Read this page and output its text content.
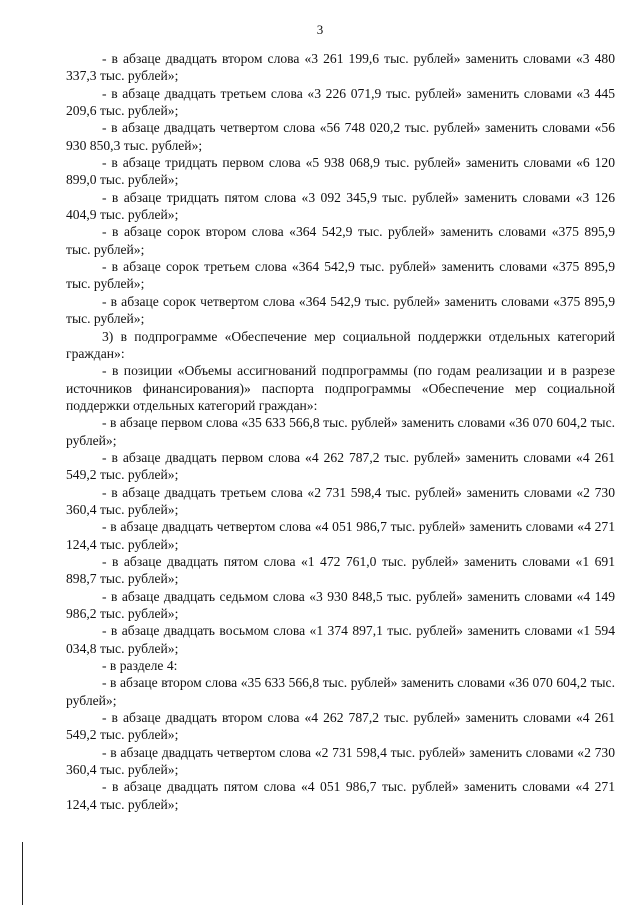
3

- в абзаце двадцать втором слова «3 261 199,6 тыс. рублей» заменить словами «3 480 337,3 тыс. рублей»;

- в абзаце двадцать третьем слова «3 226 071,9 тыс. рублей» заменить словами «3 445 209,6 тыс. рублей»;

- в абзаце двадцать четвертом слова «56 748 020,2 тыс. рублей» заменить словами «56 930 850,3 тыс. рублей»;

- в абзаце тридцать первом слова «5 938 068,9 тыс. рублей» заменить словами «6 120 899,0 тыс. рублей»;

- в абзаце тридцать пятом слова «3 092 345,9 тыс. рублей» заменить словами «3 126 404,9 тыс. рублей»;

- в абзаце сорок втором слова «364 542,9 тыс. рублей» заменить словами «375 895,9 тыс. рублей»;

- в абзаце сорок третьем слова «364 542,9 тыс. рублей» заменить словами «375 895,9 тыс. рублей»;

- в абзаце сорок четвертом слова «364 542,9 тыс. рублей» заменить словами «375 895,9 тыс. рублей»;

3) в подпрограмме «Обеспечение мер социальной поддержки отдельных категорий граждан»:

- в позиции «Объемы ассигнований подпрограммы (по годам реализации и в разрезе источников финансирования)» паспорта подпрограммы «Обеспечение мер социальной поддержки отдельных категорий граждан»:

- в абзаце первом слова «35 633 566,8 тыс. рублей» заменить словами «36 070 604,2 тыс. рублей»;

- в абзаце двадцать первом слова «4 262 787,2 тыс. рублей» заменить словами «4 261 549,2 тыс. рублей»;

- в абзаце двадцать третьем слова «2 731 598,4 тыс. рублей» заменить словами «2 730 360,4 тыс. рублей»;

- в абзаце двадцать четвертом слова «4 051 986,7 тыс. рублей» заменить словами «4 271 124,4 тыс. рублей»;

- в абзаце двадцать пятом слова «1 472 761,0 тыс. рублей» заменить словами «1 691 898,7 тыс. рублей»;

- в абзаце двадцать седьмом слова «3 930 848,5 тыс. рублей» заменить словами «4 149 986,2 тыс. рублей»;

- в абзаце двадцать восьмом слова «1 374 897,1 тыс. рублей» заменить словами «1 594 034,8 тыс. рублей»;

- в разделе 4:

- в абзаце втором слова «35 633 566,8 тыс. рублей» заменить словами «36 070 604,2 тыс. рублей»;

- в абзаце двадцать втором слова «4 262 787,2 тыс. рублей» заменить словами «4 261 549,2 тыс. рублей»;

- в абзаце двадцать четвертом слова «2 731 598,4 тыс. рублей» заменить словами «2 730 360,4 тыс. рублей»;

- в абзаце двадцать пятом слова «4 051 986,7 тыс. рублей» заменить словами «4 271 124,4 тыс. рублей»;
